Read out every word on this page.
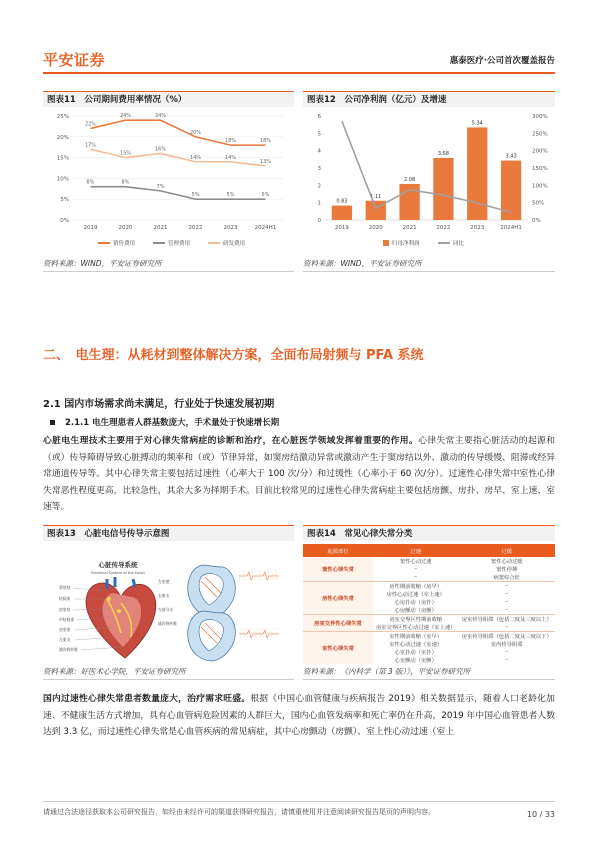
平安证券	惠泰医疗·公司首次覆盖报告
图表11　公司期间费用率情况（%）
0%
5%
10%
15%
20%
25%
2019	2020	2021	2022	2023	2024H1
22%
24%	24%
20%
18%	18%
8%	8%
7%
5%	5%	5%
17%
15%
16%
14%	14%
13%
销售费用	管理费用	研发费用
资料来源：WIND，平安证券研究所
图表12　公司净利润（亿元）及增速
0
1
2
3
4
5
6
0%
50%
100%
150%
200%
250%
300%
0.83
1.11
2.08
3.58
5.34
3.43
2019	2020	2021	2022	2023	2024H1
归母净利润	同比
资料来源：WIND，平安证券研究所
二、　电生理：从耗材到整体解决方案，全面布局射频与 PFA 系统
2.1 国内市场需求尚未满足，行业处于快速发展初期
2.1.1 电生理患者人群基数庞大，手术量处于快速增长期
心脏电生理技术主要用于对心律失常病症的诊断和治疗，在心脏医学领域发挥着重要的作用。心律失常主要指心脏活动的起源和（或）传导障碍导致心脏搏动的频率和（或）节律异常，如窦房结激动异常或激动产生于窦房结以外、激动的传导缓慢、阻滞或经异常通道传导等。其中心律失常主要包括过速性（心率大于 100 次/分）和过缓性（心率小于 60 次/分）。过速性心律失常中室性心律失常恶性程度更高，比较急性，其余大多为择期手术。目前比较常见的过速性心律失常病症主要包括房颤、房扑、房早、室上速、室速等。
图表13　心脏电信号传导示意图
心脏传导系统
Electrical System of the Heart
窦房结
结间束
房室结
中结间束
房室束
左束支
浦肯野纤维
左室壁
右束支
左前分支
浦肯野纤维
资料来源：好医术心学院，平安证券研究所
图表14　常见心律失常分类
起源部位	过速	过缓
窦性心律失常	窦性心动过速	窦性心动过缓
	–	窦性停搏
	–	病窦综合征
房性心律失常	房性期前收缩（房早）	–
	房性心动过速（室上速）	–
	心房扑动（房扑）	–
	心房颤动（房颤）	–
房室交界性心律失常	房室交界区性期前收缩	房室传导阻滞（包括二度及三度以上）
	房室交界区性心动过速（室上速）	–
室性心律失常	室性期前收缩（室早）	房室传导阻滞（包括二度及三度以下）
	室性心动过速（室速）	室内传导阻滞
	心室扑动（室扑）	–
	心室颤动（室颤）	–
资料来源：《内科学（第 3 版）》，平安证券研究所
国内过速性心律失常患者数量庞大，治疗需求旺盛。根据《中国心血管健康与疾病报告 2019》相关数据显示，随着人口老龄化加速、不健康生活方式增加，具有心血管病危险因素的人群巨大，国内心血管发病率和死亡率仍在升高，2019 年中国心血管患者人数达到 3.3 亿，而过速性心律失常是心血管疾病的常见病症，其中心房颤动（房颤）、室上性心动过速（室上
请通过合法途径获取本公司研究报告，如经由未经许可的渠道获得研究报告，请慎重使用并注意阅读研究报告尾页的声明内容。	10 / 33
